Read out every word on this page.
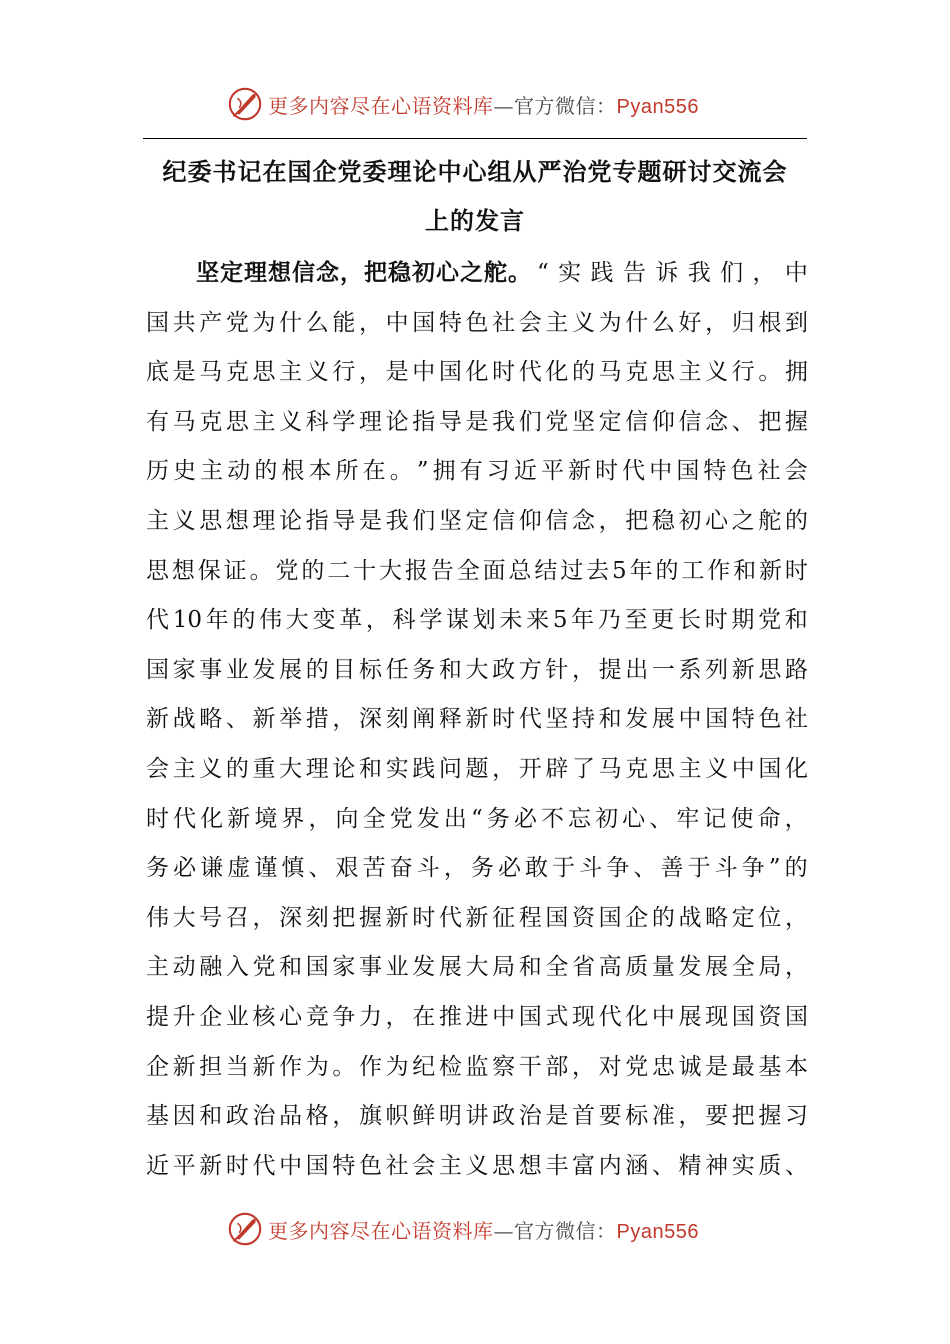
更多内容尽在心语资料库—官方微信：Pyan556
纪委书记在国企党委理论中心组从严治党专题研讨交流会
上的发言
坚 定 理 想 信 念 ， 把 稳 初 心 之 舵 。 “ 实 践 告 诉 我 们 ， 中
国 共 产 党 为 什 么 能 ， 中 国 特 色 社 会 主 义 为 什 么 好 ， 归 根 到
底 是 马 克 思 主 义 行 ， 是 中 国 化 时 代 化 的 马 克 思 主 义 行 。 拥
有 马 克 思 主 义 科 学 理 论 指 导 是 我 们 党 坚 定 信 仰 信 念 、 把 握
历 史 主 动 的 根 本 所 在 。 ” 拥 有 习 近 平 新 时 代 中 国 特 色 社 会
主 义 思 想 理 论 指 导 是 我 们 坚 定 信 仰 信 念 ， 把 稳 初 心 之 舵 的
思 想 保 证 。 党 的 二 十 大 报 告 全 面 总 结 过 去 5 年 的 工 作 和 新 时
代 10 年 的 伟 大 变 革 ， 科 学 谋 划 未 来 5 年 乃 至 更 长 时 期 党 和
国 家 事 业 发 展 的 目 标 任 务 和 大 政 方 针 ， 提 出 一 系 列 新 思 路
新 战 略 、 新 举 措 ， 深 刻 阐 释 新 时 代 坚 持 和 发 展 中 国 特 色 社
会 主 义 的 重 大 理 论 和 实 践 问 题 ， 开 辟 了 马 克 思 主 义 中 国 化
时 代 化 新 境 界 ， 向 全 党 发 出 “ 务 必 不 忘 初 心 、 牢 记 使 命 ，
务 必 谦 虚 谨 慎 、 艰 苦 奋 斗 ， 务 必 敢 于 斗 争 、 善 于 斗 争 ” 的
伟 大 号 召 ， 深 刻 把 握 新 时 代 新 征 程 国 资 国 企 的 战 略 定 位 ，
主 动 融 入 党 和 国 家 事 业 发 展 大 局 和 全 省 高 质 量 发 展 全 局 ，
提 升 企 业 核 心 竞 争 力 ， 在 推 进 中 国 式 现 代 化 中 展 现 国 资 国
企 新 担 当 新 作 为 。 作 为 纪 检 监 察 干 部 ， 对 党 忠 诚 是 最 基 本
基 因 和 政 治 品 格 ， 旗 帜 鲜 明 讲 政 治 是 首 要 标 准 ， 要 把 握 习
近 平 新 时 代 中 国 特 色 社 会 主 义 思 想 丰 富 内 涵 、 精 神 实 质 、
更多内容尽在心语资料库—官方微信：Pyan556
